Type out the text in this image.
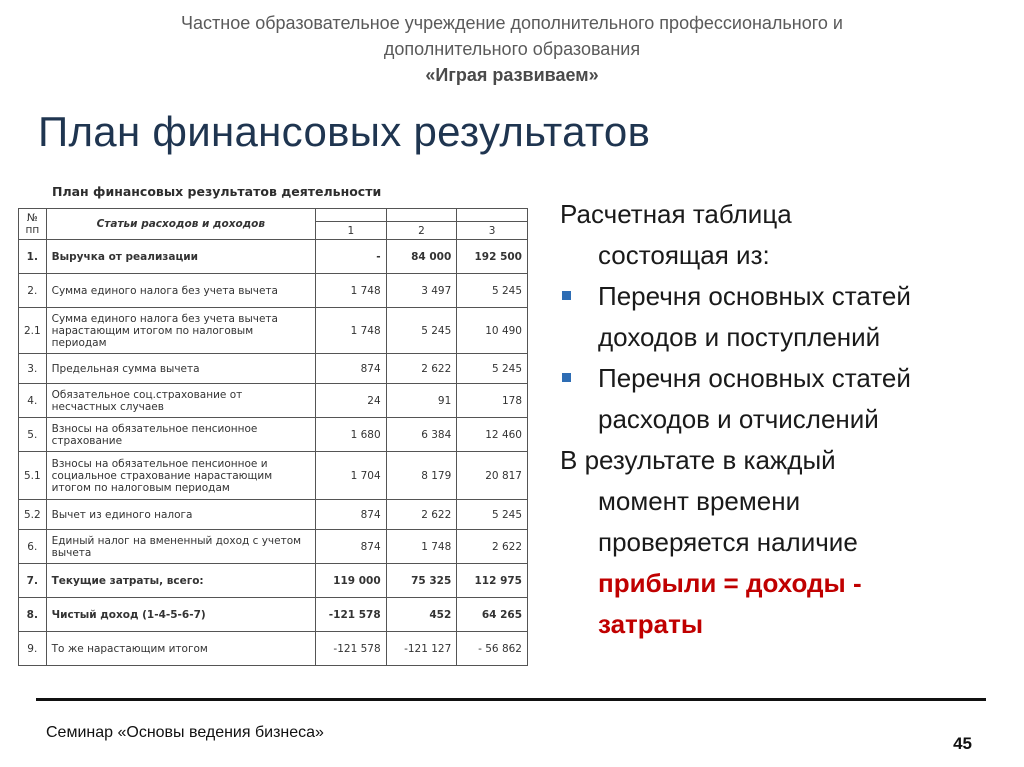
Частное образовательное учреждение дополнительного профессионального и
дополнительного образования
«Играя развиваем»
План финансовых результатов
План финансовых результатов деятельности
№ пп	Статьи расходов и доходов			
		1	2	3
1.	Выручка от реализации	-	84 000	192 500
2.	Сумма единого налога без учета вычета	1 748	3 497	5 245
2.1	Сумма единого налога без учета вычета нарастающим итогом по налоговым периодам	1 748	5 245	10 490
3.	Предельная сумма вычета	874	2 622	5 245
4.	Обязательное соц.страхование от несчастных случаев	24	91	178
5.	Взносы на обязательное пенсионное страхование	1 680	6 384	12 460
5.1	Взносы на обязательное пенсионное и социальное страхование нарастающим итогом по налоговым периодам	1 704	8 179	20 817
5.2	Вычет из единого налога	874	2 622	5 245
6.	Единый налог на вмененный доход с учетом вычета	874	1 748	2 622
7.	Текущие затраты, всего:	119 000	75 325	112 975
8.	Чистый доход (1-4-5-6-7)	-121 578	452	64 265
9.	То же нарастающим итогом	-121 578	-121 127	- 56 862

Расчетная таблица

состоящая из:

Перечня основных статей

доходов и поступлений

Перечня основных статей

расходов и отчислений

В результате в каждый

момент времени

проверяется наличие

прибыли = доходы -

затраты

Семинар «Основы ведения бизнеса»
45
